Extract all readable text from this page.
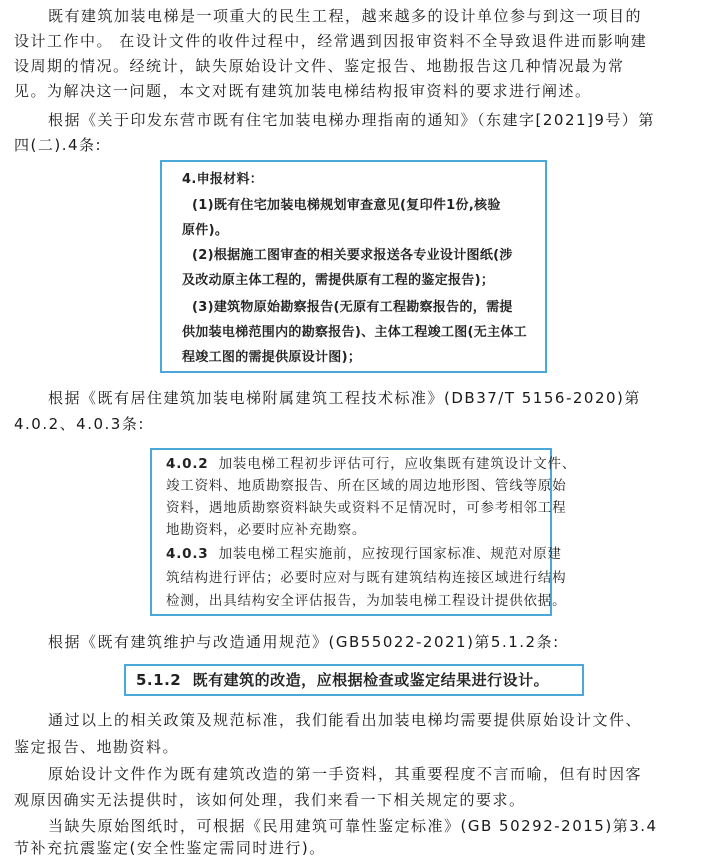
既有建筑加装电梯是一项重大的民生工程，越来越多的设计单位参与到这一项目的
设计工作中。 在设计文件的收件过程中，经常遇到因报审资料不全导致退件进而影响建
设周期的情况。经统计，缺失原始设计文件、鉴定报告、地勘报告这几种情况最为常
见。为解决这一问题，本文对既有建筑加装电梯结构报审资料的要求进行阐述。
根据《关于印发东营市既有住宅加装电梯办理指南的通知》（东建字[2021]9号）第
四(二).4条:
4.申报材料：
(1)既有住宅加装电梯规划审查意见(复印件1份,核验
原件)。
(2)根据施工图审查的相关要求报送各专业设计图纸(涉
及改动原主体工程的，需提供原有工程的鉴定报告)；
(3)建筑物原始勘察报告(无原有工程勘察报告的，需提
供加装电梯范围内的勘察报告)、主体工程竣工图(无主体工
程竣工图的需提供原设计图)；
根据《既有居住建筑加装电梯附属建筑工程技术标准》(DB37/T 5156-2020)第
4.0.2、4.0.3条:
4.0.2 加装电梯工程初步评估可行，应收集既有建筑设计文件、
竣工资料、地质勘察报告、所在区域的周边地形图、管线等原始
资料，遇地质勘察资料缺失或资料不足情况时，可参考相邻工程
地勘资料，必要时应补充勘察。
4.0.3 加装电梯工程实施前，应按现行国家标准、规范对原建
筑结构进行评估；必要时应对与既有建筑结构连接区域进行结构
检测，出具结构安全评估报告，为加装电梯工程设计提供依据。
根据《既有建筑维护与改造通用规范》(GB55022-2021)第5.1.2条:
5.1.2 既有建筑的改造，应根据检查或鉴定结果进行设计。
通过以上的相关政策及规范标准，我们能看出加装电梯均需要提供原始设计文件、
鉴定报告、地勘资料。
原始设计文件作为既有建筑改造的第一手资料，其重要程度不言而喻，但有时因客
观原因确实无法提供时，该如何处理，我们来看一下相关规定的要求。
当缺失原始图纸时，可根据《民用建筑可靠性鉴定标准》(GB 50292-2015)第3.4
节补充抗震鉴定(安全性鉴定需同时进行)。
